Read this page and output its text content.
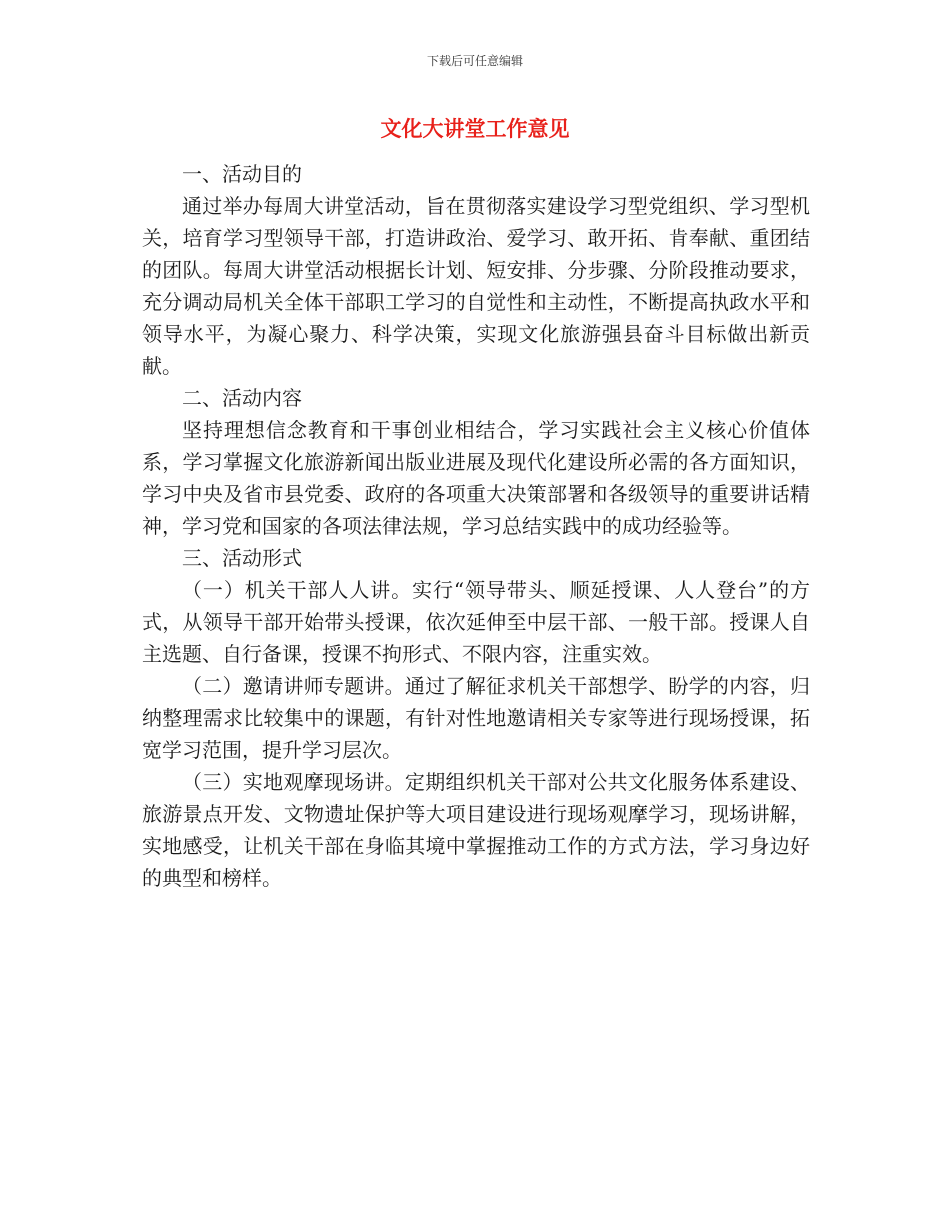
下载后可任意编辑
文化大讲堂工作意见

一、活动目的

通过举办每周大讲堂活动，旨在贯彻落实建设学习型党组织、学习型机关，培育学习型领导干部，打造讲政治、爱学习、敢开拓、肯奉献、重团结的团队。每周大讲堂活动根据长计划、短安排、分步骤、分阶段推动要求，充分调动局机关全体干部职工学习的自觉性和主动性，不断提高执政水平和领导水平，为凝心聚力、科学决策，实现文化旅游强县奋斗目标做出新贡献。

二、活动内容

坚持理想信念教育和干事创业相结合，学习实践社会主义核心价值体系，学习掌握文化旅游新闻出版业进展及现代化建设所必需的各方面知识，学习中央及省市县党委、政府的各项重大决策部署和各级领导的重要讲话精神，学习党和国家的各项法律法规，学习总结实践中的成功经验等。

三、活动形式

（一）机关干部人人讲。实行“领导带头、顺延授课、人人登台”的方式，从领导干部开始带头授课，依次延伸至中层干部、一般干部。授课人自主选题、自行备课，授课不拘形式、不限内容，注重实效。

（二）邀请讲师专题讲。通过了解征求机关干部想学、盼学的内容，归纳整理需求比较集中的课题，有针对性地邀请相关专家等进行现场授课，拓宽学习范围，提升学习层次。

（三）实地观摩现场讲。定期组织机关干部对公共文化服务体系建设、旅游景点开发、文物遗址保护等大项目建设进行现场观摩学习，现场讲解，实地感受，让机关干部在身临其境中掌握推动工作的方式方法，学习身边好的典型和榜样。
